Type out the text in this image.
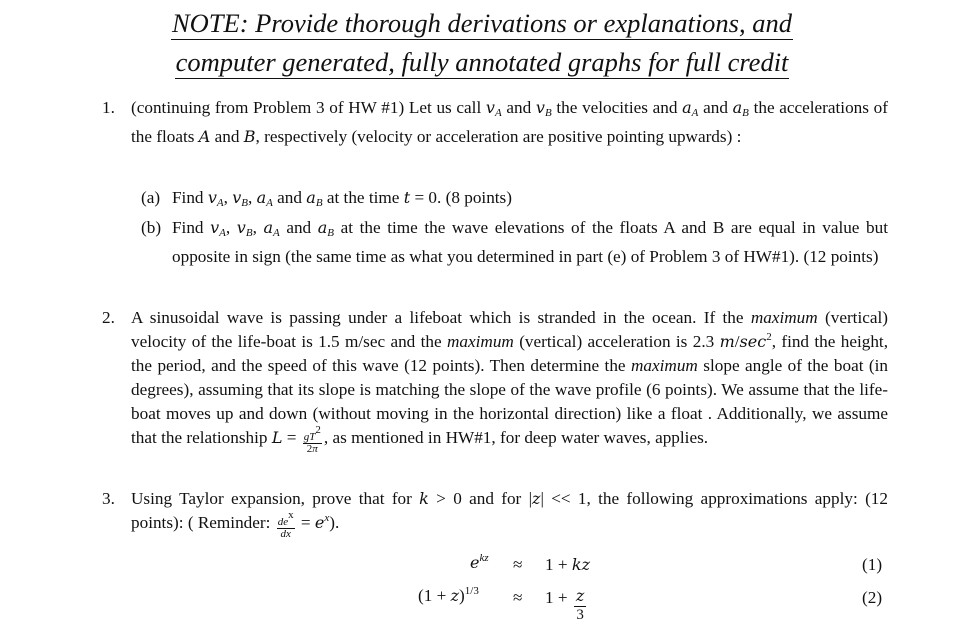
NOTE: Provide thorough derivations or explanations, and
computer generated, fully annotated graphs for full credit
1. (continuing from Problem 3 of HW #1) Let us call $v_A$ and $v_B$ the velocities and $a_A$ and $a_B$ the accelerations of the floats A and B, respectively (velocity or acceleration are positive pointing upwards) :
(a) Find $v_A$, $v_B$, $a_A$ and $a_B$ at the time t = 0. (8 points)
(b) Find $v_A$, $v_B$, $a_A$ and $a_B$ at the time the wave elevations of the floats A and B are equal in value but opposite in sign (the same time as what you determined in part (e) of Problem 3 of HW#1). (12 points)
2. A sinusoidal wave is passing under a lifeboat which is stranded in the ocean. If the maximum (vertical) velocity of the life-boat is 1.5 m/sec and the maximum (vertical) acceleration is 2.3 $m/\sec^2$, find the height, the period, and the speed of this wave (12 points). Then determine the maximum slope angle of the boat (in degrees), assuming that its slope is matching the slope of the wave profile (6 points). We assume that the life-boat moves up and down (without moving in the horizontal direction) like a float . Additionally, we assume that the relationship $L = \frac{gT^2}{2\pi}$ , as mentioned in HW#1, for deep water waves, applies.
3. Using Taylor expansion, prove that for k > 0 and for |z| << 1, the following approximations apply: (12 points): ( Reminder: $\frac{de^x}{dx} = e^x$).
$e^{kz} \approx 1$ + kz	(1)
$(1 + z)^{1/3} \approx 1 + \frac{z}{3}$	(2)
